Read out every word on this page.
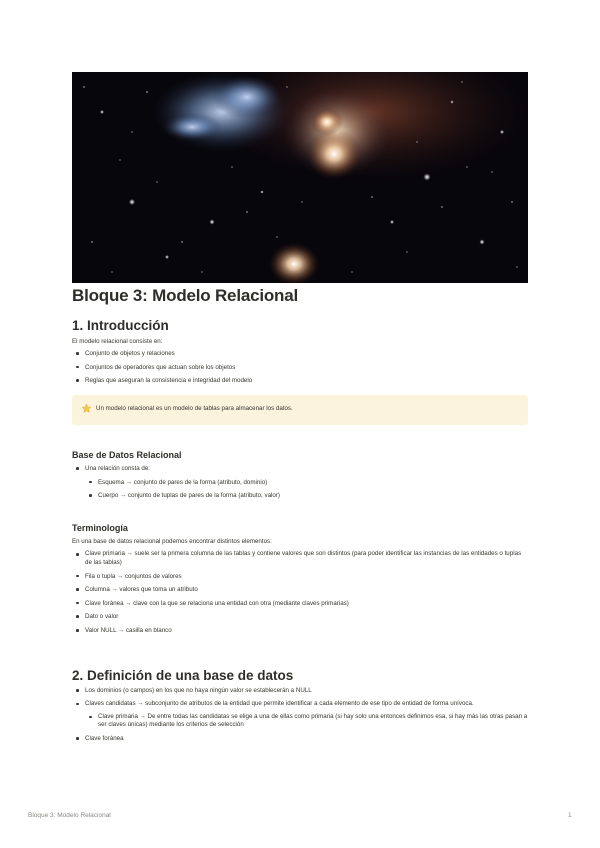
Bloque 3: Modelo Relacional
1. Introducción

El modelo relacional consiste en:

Conjunto de objetos y relaciones
Conjuntos de operadores que actuan sobre los objetos
Reglas que aseguran la consistencia e integridad del modelo
Un modelo relacional es un modelo de tablas para almacenar los datos.
Base de Datos Relacional
Una relación consta de:
Esquema → conjunto de pares de la forma (atributo, dominio)
Cuerpo → conjunto de tuplas de pares de la forma (atributo, valor)
Terminología

En una base de datos relacional podemos encontrar distintos elementos:

Clave primaria → suele ser la primera columna de las tablas y contiene valores que son distintos (para poder identificar las instancias de las entidades o tuplas de las tablas)
Fila o tupla → conjuntos de valores
Columna → valores que toma un atributo
Clave foránea → clave con la que se relaciona una entidad con otra (mediante claves primarias)
Dato o valor
Valor NULL → casilla en blanco
2. Definición de una base de datos
Los dominios (o campos) en los que no haya ningún valor se establecerán a NULL
Claves candidatas → subconjunto de atributos de la entidad que permite identificar a cada elemento de ese tipo de entidad de forma unívoca.
Clave primaria → De entre todas las candidatas se elige a una de ellas como primaria (si hay solo una entonces definimos esa, si hay más las otras pasan a ser claves únicas) mediante los criterios de selección
Clave foránea
Bloque 3: Modelo Relacional	1
